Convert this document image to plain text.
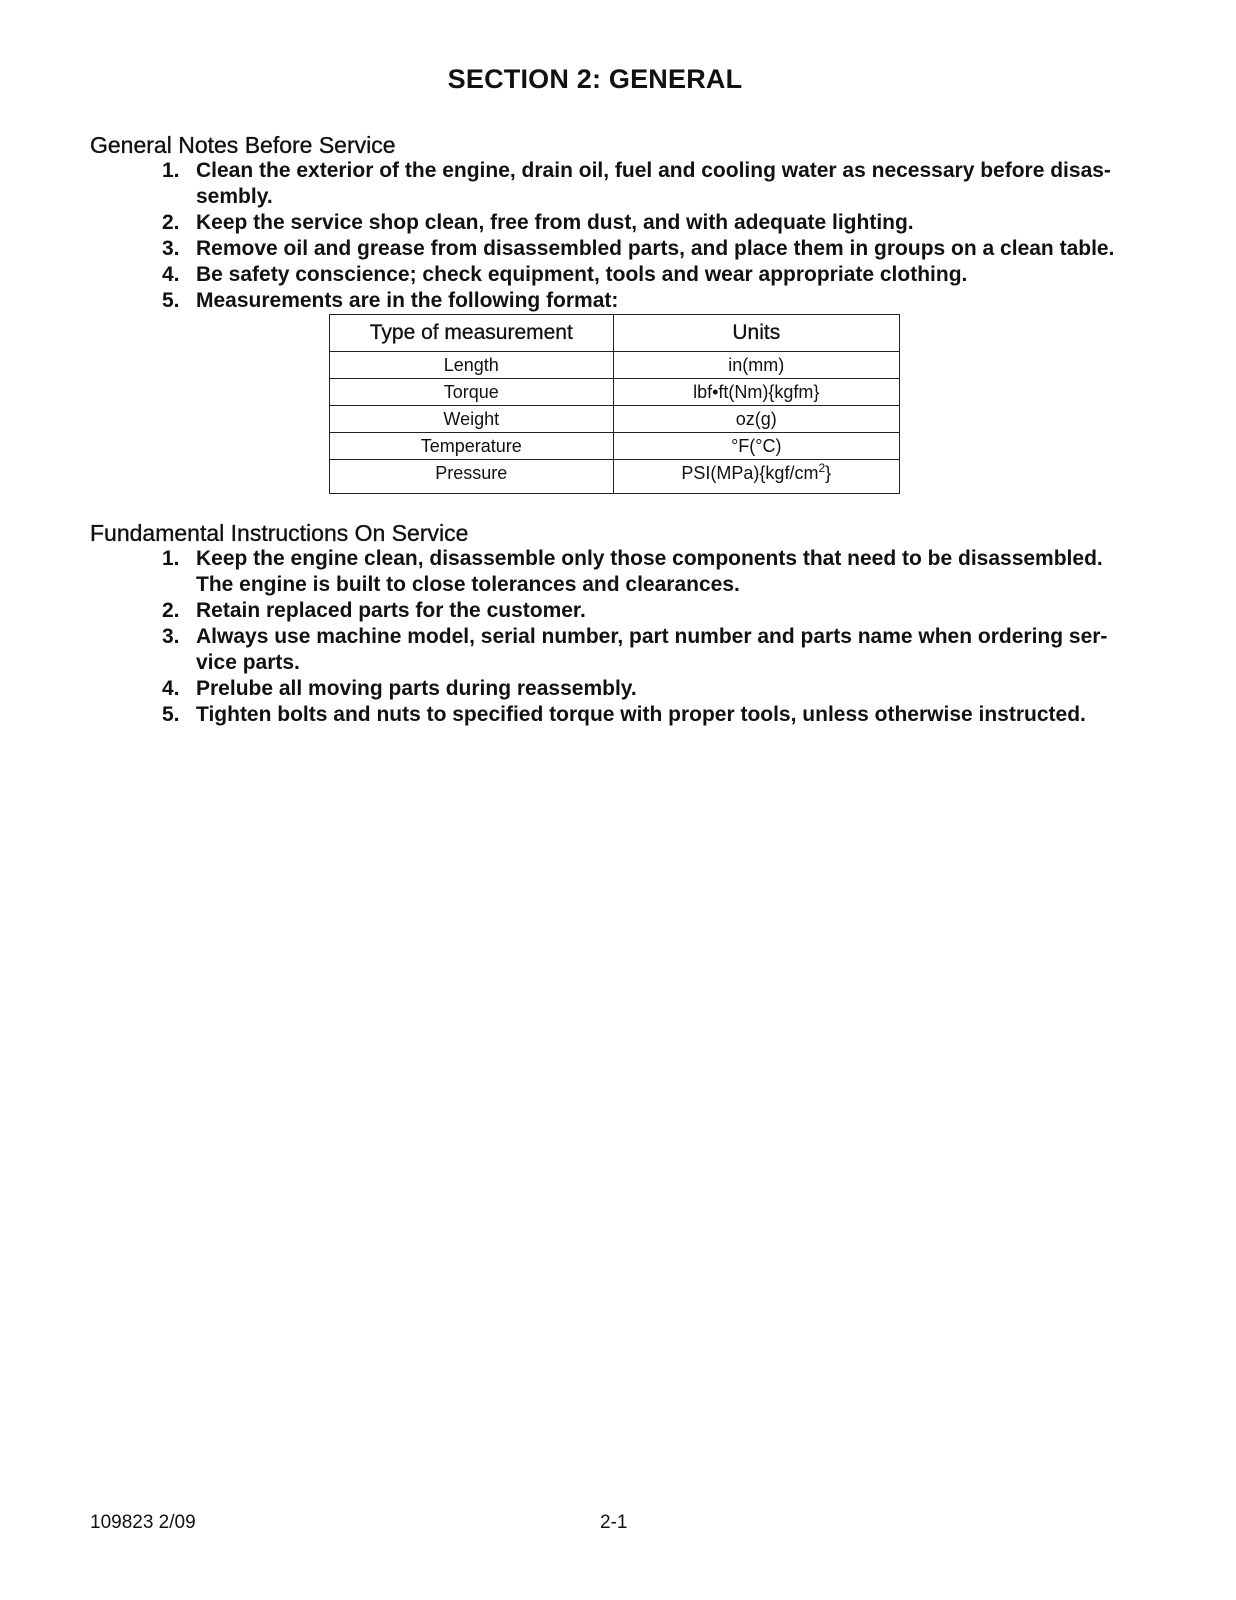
SECTION 2: GENERAL
General Notes Before Service
1. Clean the exterior of the engine, drain oil, fuel and cooling water as necessary before disas-sembly.
2. Keep the service shop clean, free from dust, and with adequate lighting.
3. Remove oil and grease from disassembled parts, and place them in groups on a clean table.
4. Be safety conscience; check equipment, tools and wear appropriate clothing.
5. Measurements are in the following format:
Type of measurement	Units
Length	in(mm)
Torque	lbf•ft(Nm){kgfm}
Weight	oz(g)
Temperature	°F(°C)
Pressure	$PSI(MPa)\{kgf/cm^2\}$
Fundamental Instructions On Service
1. Keep the engine clean, disassemble only those components that need to be disassembled. The engine is built to close tolerances and clearances.
2. Retain replaced parts for the customer.
3. Always use machine model, serial number, part number and parts name when ordering ser-vice parts.
4. Prelube all moving parts during reassembly.
5. Tighten bolts and nuts to specified torque with proper tools, unless otherwise instructed.
109823 2/09	2-1
